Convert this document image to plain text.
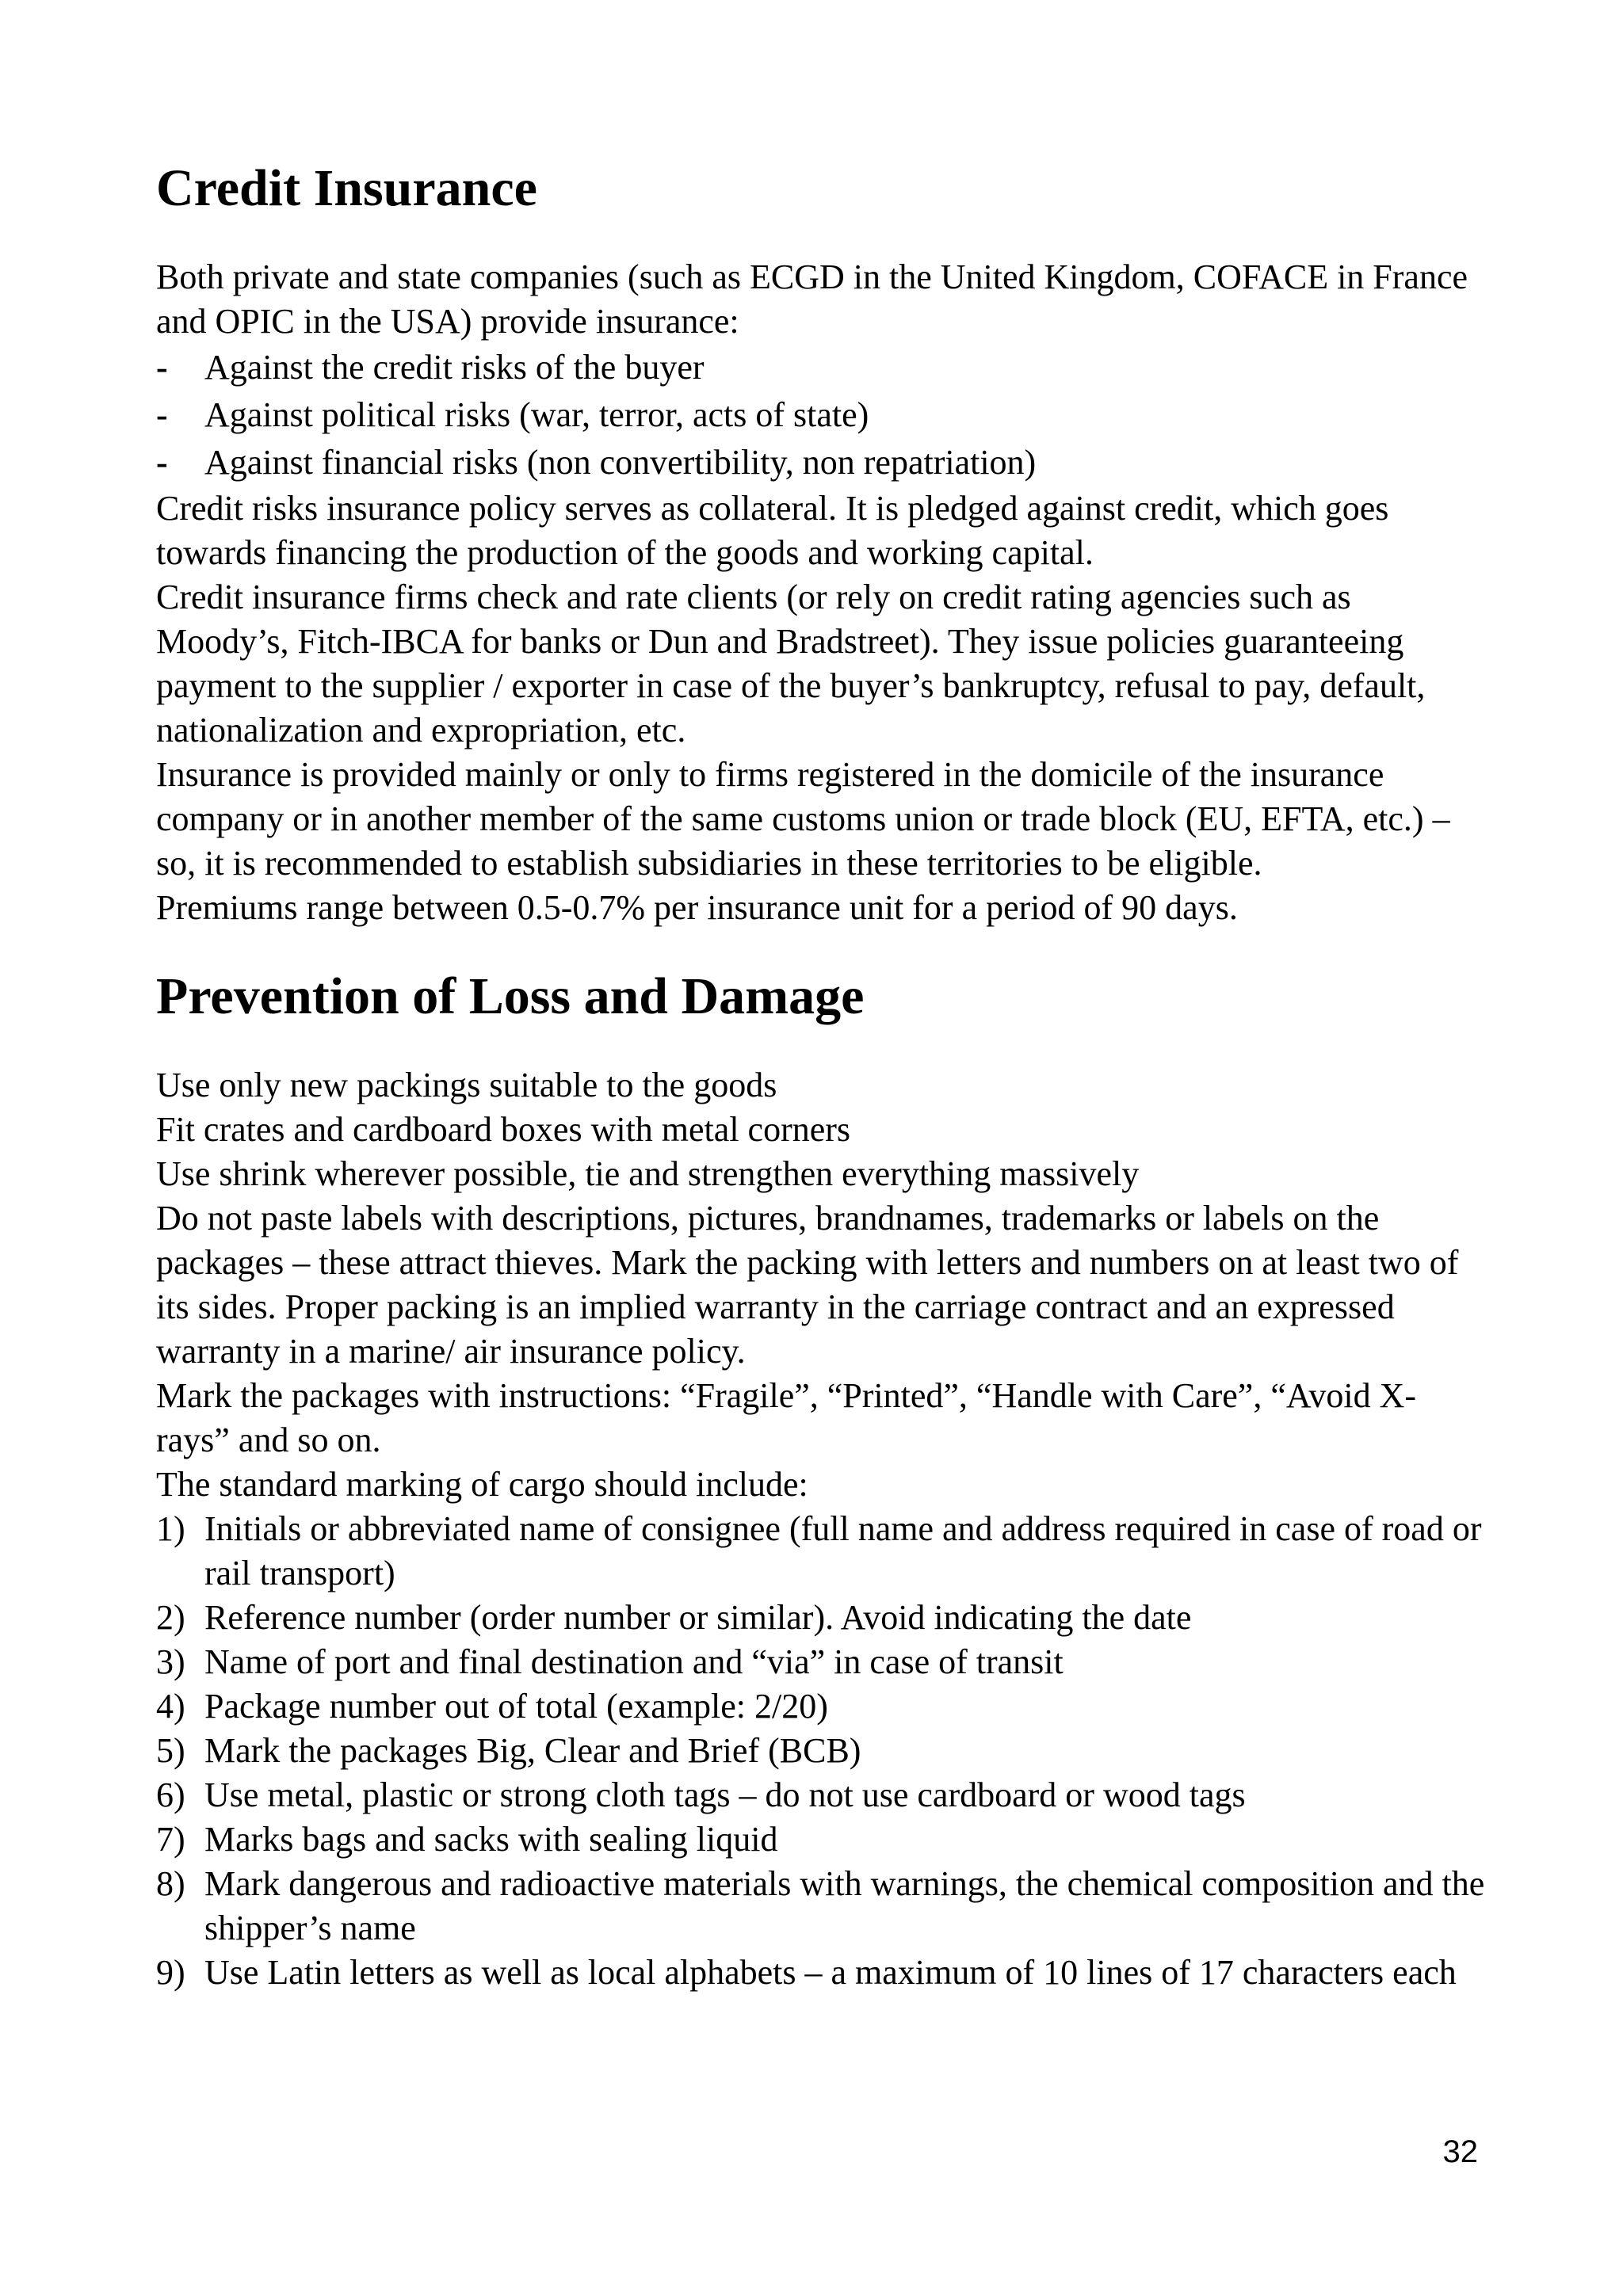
Credit Insurance

Both private and state companies (such as ECGD in the United Kingdom, COFACE in France and OPIC in the USA) provide insurance:

-	Against the credit risks of the buyer
-	Against political risks (war, terror, acts of state)
-	Against financial risks (non convertibility, non repatriation)

Credit risks insurance policy serves as collateral. It is pledged against credit, which goes towards financing the production of the goods and working capital.

Credit insurance firms check and rate clients (or rely on credit rating agencies such as Moody’s, Fitch-IBCA for banks or Dun and Bradstreet). They issue policies guaranteeing payment to the supplier / exporter in case of the buyer’s bankruptcy, refusal to pay, default, nationalization and expropriation, etc.

Insurance is provided mainly or only to firms registered in the domicile of the insurance company or in another member of the same customs union or trade block (EU, EFTA, etc.) – so, it is recommended to establish subsidiaries in these territories to be eligible.

Premiums range between 0.5-0.7% per insurance unit for a period of 90 days.

Prevention of Loss and Damage

Use only new packings suitable to the goods

Fit crates and cardboard boxes with metal corners

Use shrink wherever possible, tie and strengthen everything massively

Do not paste labels with descriptions, pictures, brandnames, trademarks or labels on the packages – these attract thieves. Mark the packing with letters and numbers on at least two of its sides. Proper packing is an implied warranty in the carriage contract and an expressed warranty in a marine/ air insurance policy.

Mark the packages with instructions: “Fragile”, “Printed”, “Handle with Care”, “Avoid X-rays” and so on.

The standard marking of cargo should include:

1) Initials or abbreviated name of consignee (full name and address required in case of road or rail transport)
2) Reference number (order number or similar). Avoid indicating the date
3) Name of port and final destination and “via” in case of transit
4) Package number out of total (example: 2/20)
5) Mark the packages Big, Clear and Brief (BCB)
6) Use metal, plastic or strong cloth tags – do not use cardboard or wood tags
7) Marks bags and sacks with sealing liquid
8) Mark dangerous and radioactive materials with warnings, the chemical composition and the shipper’s name
9) Use Latin letters as well as local alphabets – a maximum of 10 lines of 17 characters each
32
